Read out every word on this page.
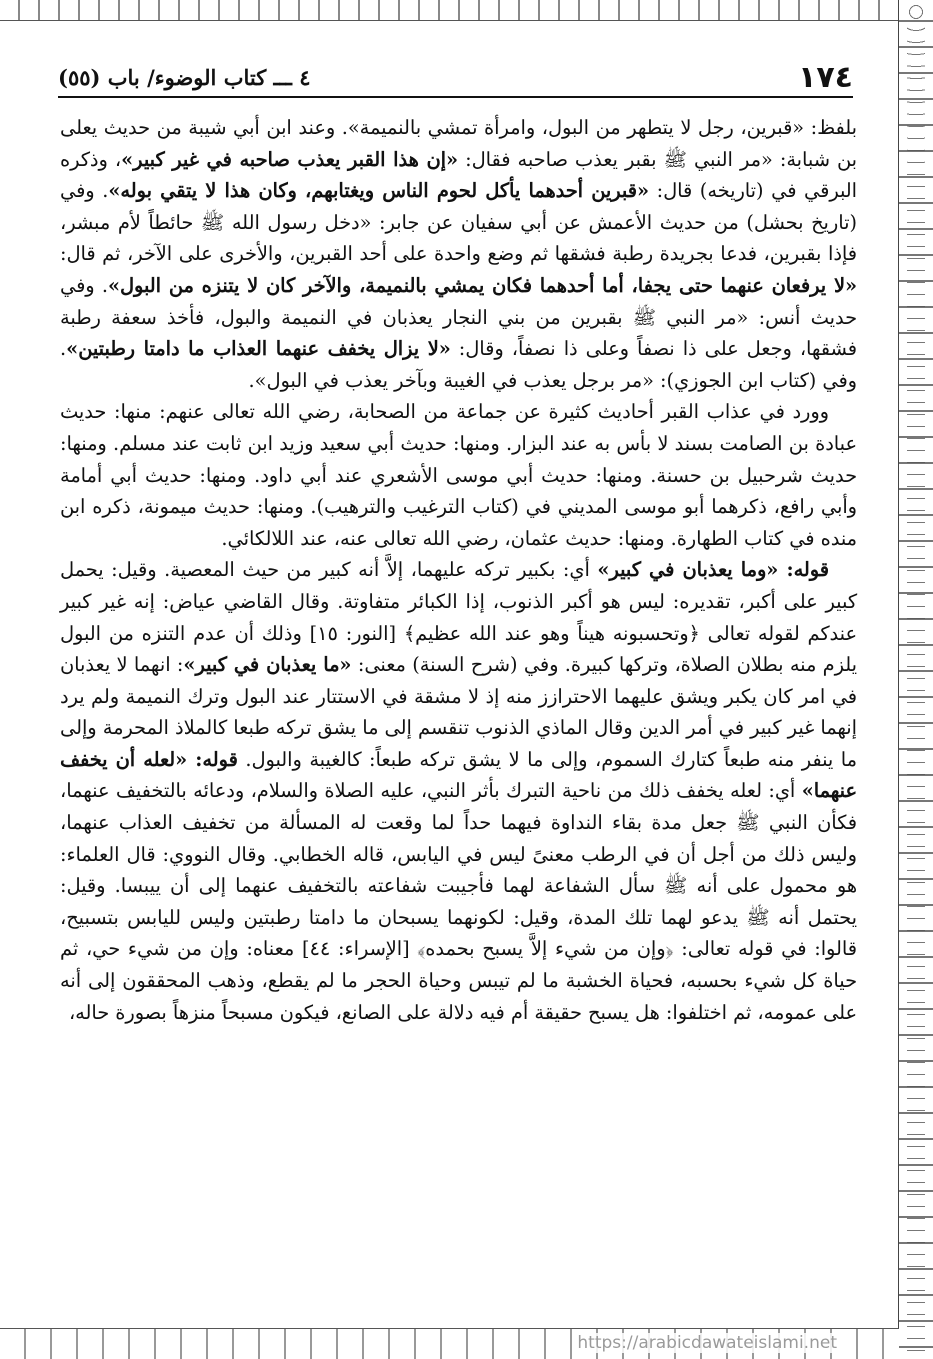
١٧٤
٤ ـــ كتاب الوضوء/ باب (٥٥)

بلفظ: «قبرين، رجل لا يتطهر من البول، وامرأة تمشي بالنميمة». وعند ابن أبي شيبة من حديث يعلى بن شبابة: «مر النبي ﷺ بقبر يعذب صاحبه فقال: «إن هذا القبر يعذب صاحبه في غير كبير»، وذكره البرقي في (تاريخه) قال: «قبرين أحدهما يأكل لحوم الناس ويغتابهم، وكان هذا لا يتقي بوله». وفي (تاريخ بحشل) من حديث الأعمش عن أبي سفيان عن جابر: «دخل رسول الله ﷺ حائطاً لأم مبشر، فإذا بقبرين، فدعا بجريدة رطبة فشقها ثم وضع واحدة على أحد القبرين، والأخرى على الآخر، ثم قال: «لا يرفعان عنهما حتى يجفا، أما أحدهما فكان يمشي بالنميمة، والآخر كان لا يتنزه من البول». وفي حديث أنس: «مر النبي ﷺ بقبرين من بني النجار يعذبان في النميمة والبول، فأخذ سعفة رطبة فشقها، وجعل على ذا نصفاً وعلى ذا نصفاً، وقال: «لا يزال يخفف عنهما العذاب ما دامتا رطبتين». وفي (كتاب ابن الجوزي): «مر برجل يعذب في الغيبة وبآخر يعذب في البول».

وورد في عذاب القبر أحاديث كثيرة عن جماعة من الصحابة، رضي الله تعالى عنهم: منها: حديث عبادة بن الصامت بسند لا بأس به عند البزار. ومنها: حديث أبي سعيد وزيد ابن ثابت عند مسلم. ومنها: حديث شرحبيل بن حسنة. ومنها: حديث أبي موسى الأشعري عند أبي داود. ومنها: حديث أبي أمامة وأبي رافع، ذكرهما أبو موسى المديني في (كتاب الترغيب والترهيب). ومنها: حديث ميمونة، ذكره ابن منده في كتاب الطهارة. ومنها: حديث عثمان، رضي الله تعالى عنه، عند اللالكائي.

قوله: «وما يعذبان في كبير» أي: بكبير تركه عليهما، إلاَّ أنه كبير من حيث المعصية. وقيل: يحمل كبير على أكبر، تقديره: ليس هو أكبر الذنوب، إذا الكبائر متفاوتة. وقال القاضي عياض: إنه غير كبير عندكم لقوله تعالى ﴿وتحسبونه هيناً وهو عند الله عظيم﴾ [النور: ١٥] وذلك أن عدم التنزه من البول يلزم منه بطلان الصلاة، وتركها كبيرة. وفي (شرح السنة) معنى: «ما يعذبان في كبير»: انهما لا يعذبان في امر كان يكبر ويشق عليهما الاحترازز منه إذ لا مشقة في الاستتار عند البول وترك النميمة ولم يرد إنهما غير كبير في أمر الدين وقال الماذي الذنوب تنقسم إلى ما يشق تركه طبعا كالملاذ المحرمة وإلى ما ينفر منه طبعاً كتارك السموم، وإلى ما لا يشق تركه طبعاً: كالغيبة والبول. قوله: «لعله أن يخفف عنهما» أي: لعله يخفف ذلك من ناحية التبرك بأثر النبي، عليه الصلاة والسلام، ودعائه بالتخفيف عنهما، فكأن النبي ﷺ جعل مدة بقاء النداوة فيهما حداً لما وقعت له المسألة من تخفيف العذاب عنهما، وليس ذلك من أجل أن في الرطب معنىً ليس في اليابس، قاله الخطابي. وقال النووي: قال العلماء: هو محمول على أنه ﷺ سأل الشفاعة لهما فأجيبت شفاعته بالتخفيف عنهما إلى أن ييبسا. وقيل: يحتمل أنه ﷺ يدعو لهما تلك المدة، وقيل: لكونهما يسبحان ما دامتا رطبتين وليس لليابس بتسبيح، قالوا: في قوله تعالى: ﴿وإن من شيء إلاَّ يسبح بحمده﴾ [الإسراء: ٤٤] معناه: وإن من شيء حي، ثم حياة كل شيء بحسبه، فحياة الخشبة ما لم تيبس وحياة الحجر ما لم يقطع، وذهب المحققون إلى أنه على عمومه، ثم اختلفوا: هل يسبح حقيقة أم فيه دلالة على الصانع، فيكون مسبحاً منزهاً بصورة حاله،

https://arabicdawateislami.net
